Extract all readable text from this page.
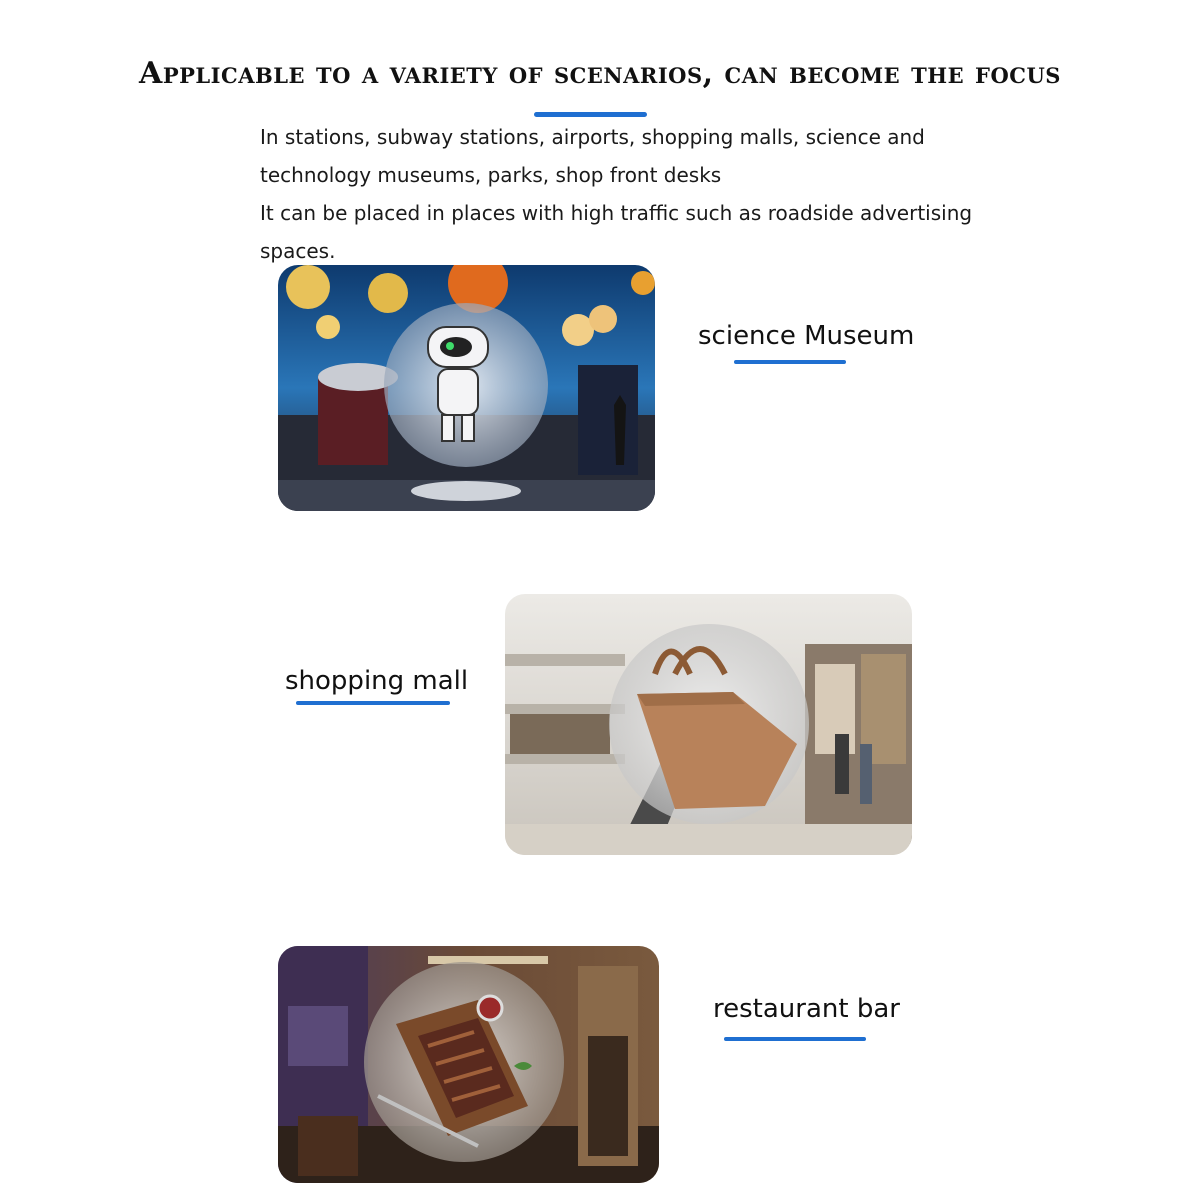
Applicable to a variety of scenarios, can become the focus

In stations, subway stations, airports, shopping malls, science and technology museums, parks, shop front desks

It can be placed in places with high traffic such as roadside advertising spaces.

science Museum
shopping mall
restaurant bar
